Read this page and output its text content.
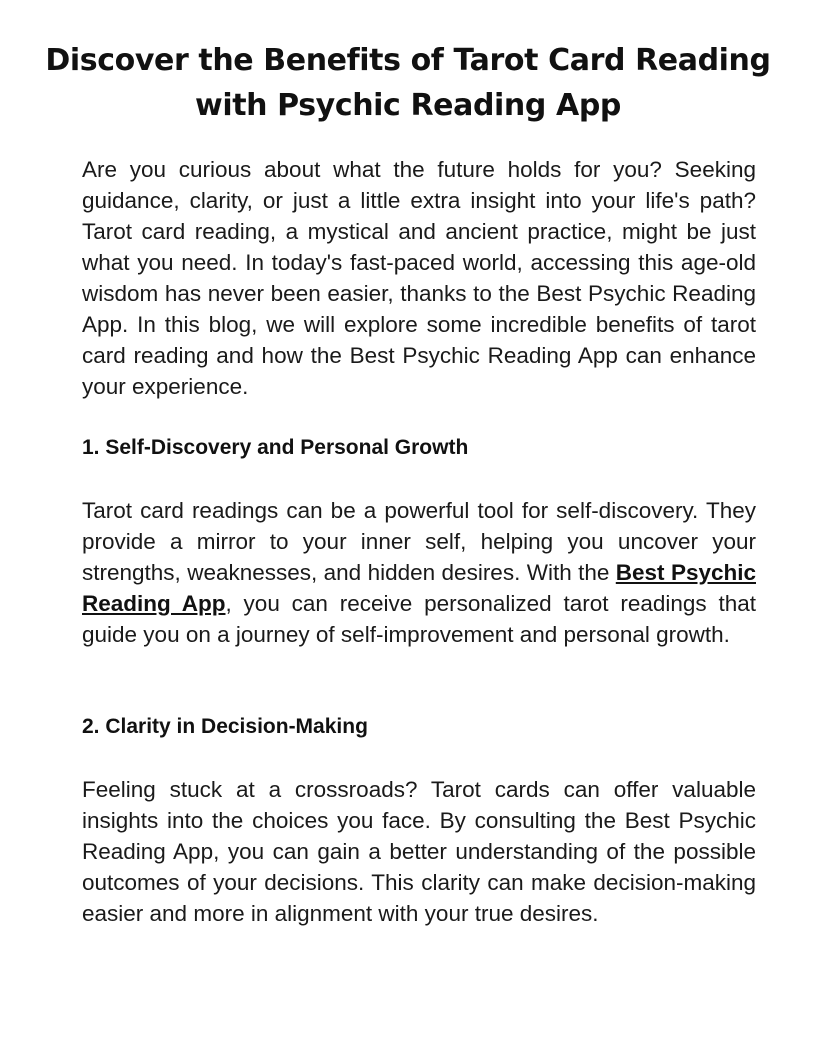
Discover the Benefits of Tarot Card Reading with Psychic Reading App

Are you curious about what the future holds for you? Seeking guidance, clarity, or just a little extra insight into your life's path? Tarot card reading, a mystical and ancient practice, might be just what you need. In today's fast-paced world, accessing this age-old wisdom has never been easier, thanks to the Best Psychic Reading App. In this blog, we will explore some incredible benefits of tarot card reading and how the Best Psychic Reading App can enhance your experience.

1. Self-Discovery and Personal Growth

Tarot card readings can be a powerful tool for self-discovery. They provide a mirror to your inner self, helping you uncover your strengths, weaknesses, and hidden desires. With the Best Psychic Reading App, you can receive personalized tarot readings that guide you on a journey of self-improvement and personal growth.

2. Clarity in Decision-Making

Feeling stuck at a crossroads? Tarot cards can offer valuable insights into the choices you face. By consulting the Best Psychic Reading App, you can gain a better understanding of the possible outcomes of your decisions. This clarity can make decision-making easier and more in alignment with your true desires.
